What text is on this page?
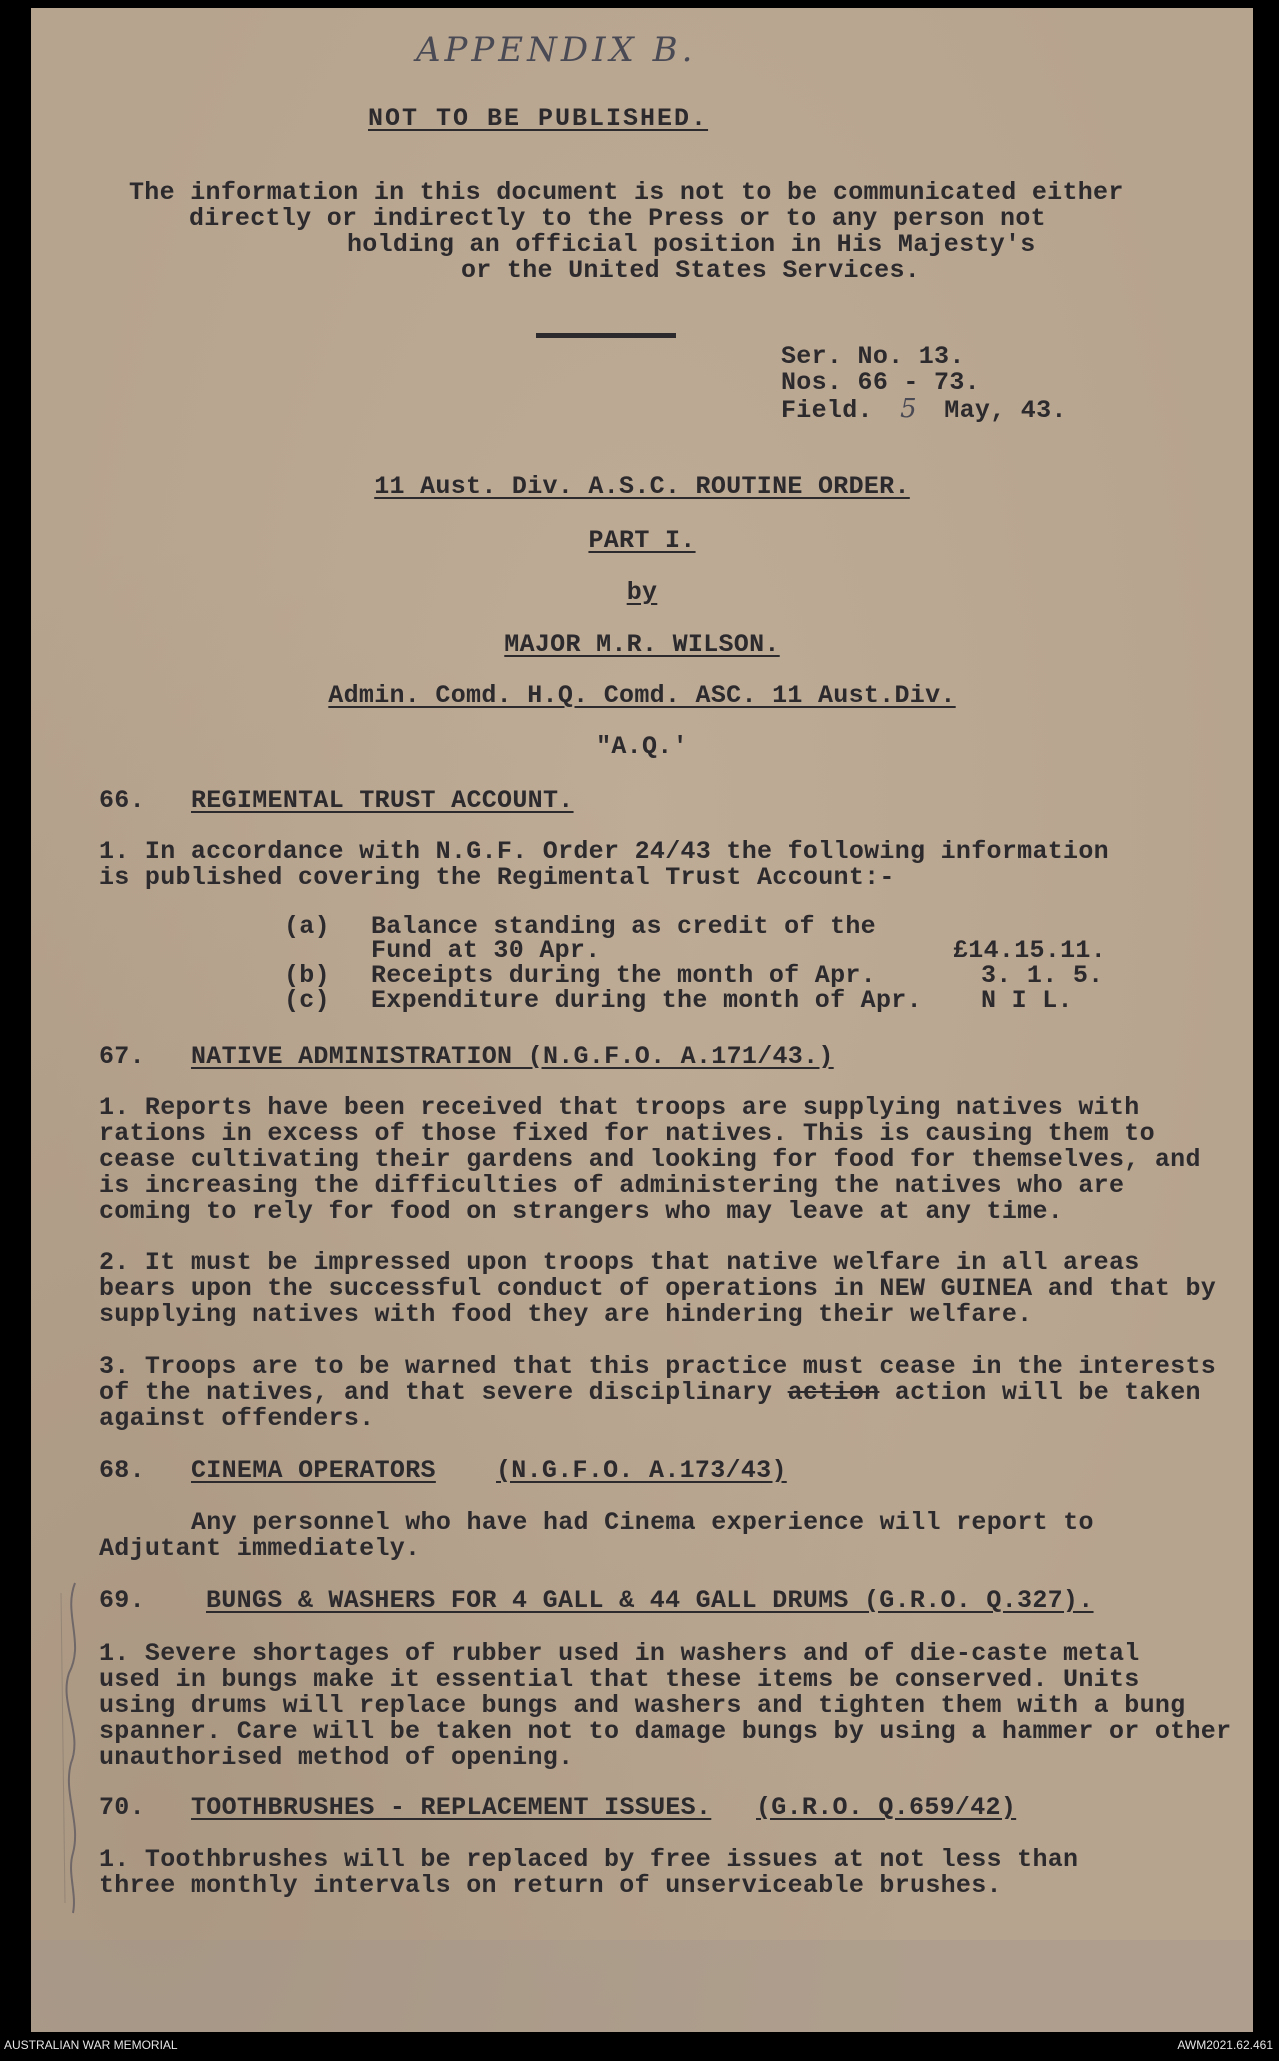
APPENDIX B.
NOT TO BE PUBLISHED.
The information in this document is not to be communicated either
directly or indirectly to the Press or to any person not
holding an official position in His Majesty's
or the United States Services.
Ser. No. 13.
Nos. 66 - 73.
Field. 5 May, 43.
11 Aust. Div. A.S.C. ROUTINE ORDER.
PART I.
by
MAJOR M.R. WILSON.
Admin. Comd. H.Q. Comd. ASC. 11 Aust.Div.
"A.Q.'
66. REGIMENTAL TRUST ACCOUNT.
1. In accordance with N.G.F. Order 24/43 the following information
is published covering the Regimental Trust Account:-
(a) Balance standing as credit of the
Fund at 30 Apr.	£14.15.11.
(b) Receipts during the month of Apr.	3. 1. 5.
(c) Expenditure during the month of Apr. N I L.
67. NATIVE ADMINISTRATION (N.G.F.O. A.171/43.)
1. Reports have been received that troops are supplying natives with
rations in excess of those fixed for natives. This is causing them to
cease cultivating their gardens and looking for food for themselves, and
is increasing the difficulties of administering the natives who are
coming to rely for food on strangers who may leave at any time.
2. It must be impressed upon troops that native welfare in all areas
bears upon the successful conduct of operations in NEW GUINEA and that by
supplying natives with food they are hindering their welfare.
3. Troops are to be warned that this practice must cease in the interests
of the natives, and that severe disciplinary action action will be taken
against offenders.
68. CINEMA OPERATORS (N.G.F.O. A.173/43)
Any personnel who have had Cinema experience will report to
Adjutant immediately.
69. BUNGS & WASHERS FOR 4 GALL & 44 GALL DRUMS (G.R.O. Q.327).
1. Severe shortages of rubber used in washers and of die-caste metal
used in bungs make it essential that these items be conserved. Units
using drums will replace bungs and washers and tighten them with a bung
spanner. Care will be taken not to damage bungs by using a hammer or other
unauthorised method of opening.
70. TOOTHBRUSHES - REPLACEMENT ISSUES. (G.R.O. Q.659/42)
1. Toothbrushes will be replaced by free issues at not less than
three monthly intervals on return of unserviceable brushes.
AUSTRALIAN WAR MEMORIAL	AWM2021.62.461
